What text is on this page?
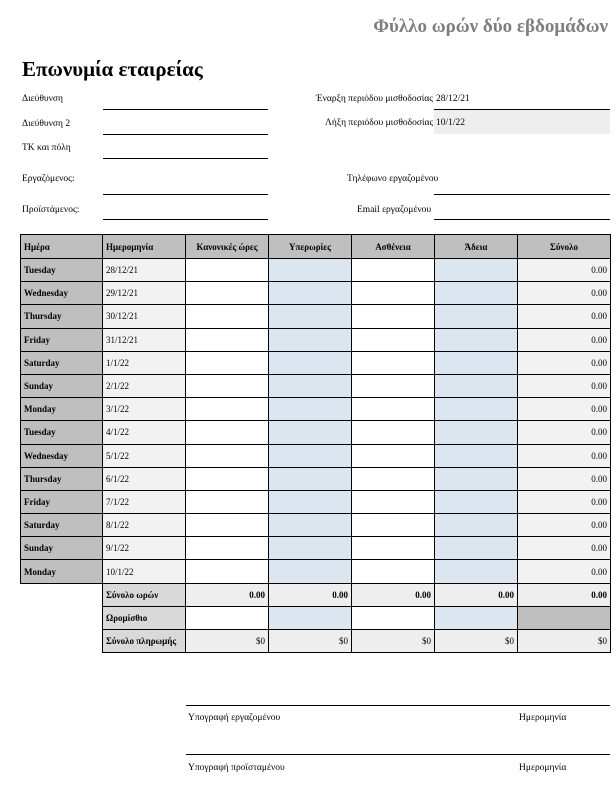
Φύλλο ωρών δύο εβδομάδων
Επωνυμία εταιρείας
Διεύθυνση
Διεύθυνση 2
ΤΚ και πόλη
Εργαζόμενος:
Προϊστάμενος:
Έναρξη περιόδου μισθοδοσίας 28/12/21
Λήξη περιόδου μισθοδοσίας 10/1/22
Τηλέφωνο εργαζομένου
Email εργαζομένου
Ημέρα	Ημερομηνία	Κανονικές ώρες	Υπερωρίες	Ασθένεια	Άδεια	Σύνολο
Tuesday	28/12/21					0.00
Wednesday	29/12/21					0.00
Thursday	30/12/21					0.00
Friday	31/12/21					0.00
Saturday	1/1/22					0.00
Sunday	2/1/22					0.00
Monday	3/1/22					0.00
Tuesday	4/1/22					0.00
Wednesday	5/1/22					0.00
Thursday	6/1/22					0.00
Friday	7/1/22					0.00
Saturday	8/1/22					0.00
Sunday	9/1/22					0.00
Monday	10/1/22					0.00
	Σύνολο ωρών	0.00	0.00	0.00	0.00	0.00
	Ωρομίσθιο					
	Σύνολο πληρωμής	$0	$0	$0	$0	$0
Υπογραφή εργαζομένου	Ημερομηνία
Υπογραφή προϊσταμένου	Ημερομηνία
